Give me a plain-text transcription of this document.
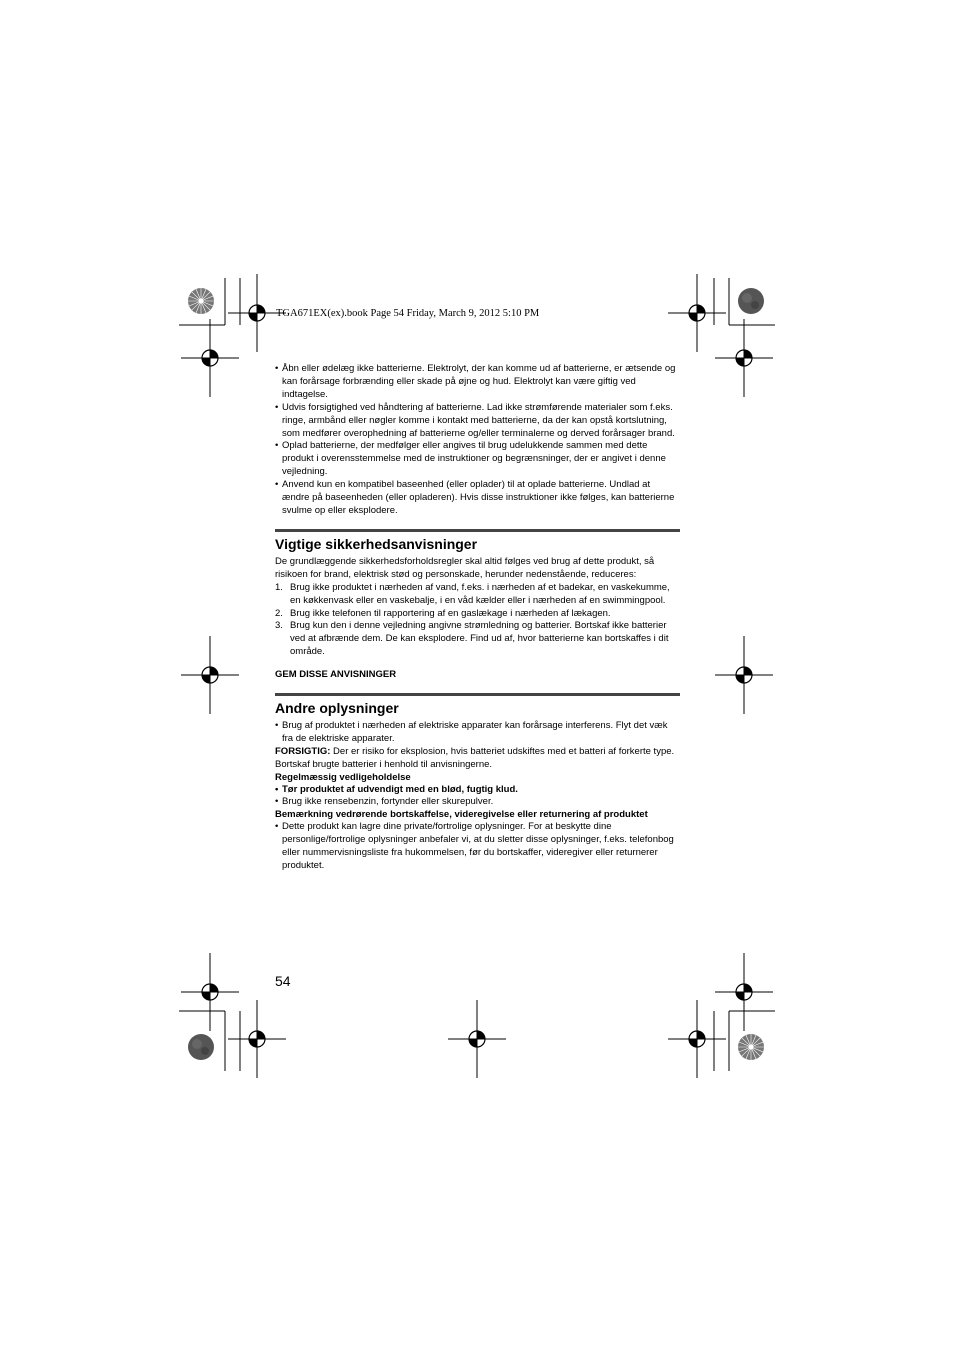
TGA671EX(ex).book Page 54 Friday, March 9, 2012 5:10 PM

• Åbn eller ødelæg ikke batterierne. Elektrolyt, der kan komme ud af batterierne, er ætsende og kan forårsage forbrænding eller skade på øjne og hud. Elektrolyt kan være giftig ved indtagelse.
• Udvis forsigtighed ved håndtering af batterierne. Lad ikke strømførende materialer som f.eks. ringe, armbånd eller nøgler komme i kontakt med batterierne, da der kan opstå kortslutning, som medfører overophedning af batterierne og/eller terminalerne og derved forårsager brand.
• Oplad batterierne, der medfølger eller angives til brug udelukkende sammen med dette produkt i overensstemmelse med de instruktioner og begrænsninger, der er angivet i denne vejledning.
• Anvend kun en kompatibel baseenhed (eller oplader) til at oplade batterierne. Undlad at ændre på baseenheden (eller opladeren). Hvis disse instruktioner ikke følges, kan batterierne svulme op eller eksplodere.
Vigtige sikkerhedsanvisninger

De grundlæggende sikkerhedsforholdsregler skal altid følges ved brug af dette produkt, så risikoen for brand, elektrisk stød og personskade, herunder nedenstående, reduceres:

1. Brug ikke produktet i nærheden af vand, f.eks. i nærheden af et badekar, en vaskekumme, en køkkenvask eller en vaskebalje, i en våd kælder eller i nærheden af en swimmingpool.
2. Brug ikke telefonen til rapportering af en gaslækage i nærheden af lækagen.
3. Brug kun den i denne vejledning angivne strømledning og batterier. Bortskaf ikke batterier ved at afbrænde dem. De kan eksplodere. Find ud af, hvor batterierne kan bortskaffes i dit område.

GEM DISSE ANVISNINGER

Andre oplysninger
• Brug af produktet i nærheden af elektriske apparater kan forårsage interferens. Flyt det væk fra de elektriske apparater.

FORSIGTIG: Der er risiko for eksplosion, hvis batteriet udskiftes med et batteri af forkerte type. Bortskaf brugte batterier i henhold til anvisningerne.

Regelmæssig vedligeholdelse

• Tør produktet af udvendigt med en blød, fugtig klud.
• Brug ikke rensebenzin, fortynder eller skurepulver.

Bemærkning vedrørende bortskaffelse, videregivelse eller returnering af produktet

• Dette produkt kan lagre dine private/fortrolige oplysninger. For at beskytte dine personlige/fortrolige oplysninger anbefaler vi, at du sletter disse oplysninger, f.eks. telefonbog eller nummervisningsliste fra hukommelsen, før du bortskaffer, videregiver eller returnerer produktet.

54
